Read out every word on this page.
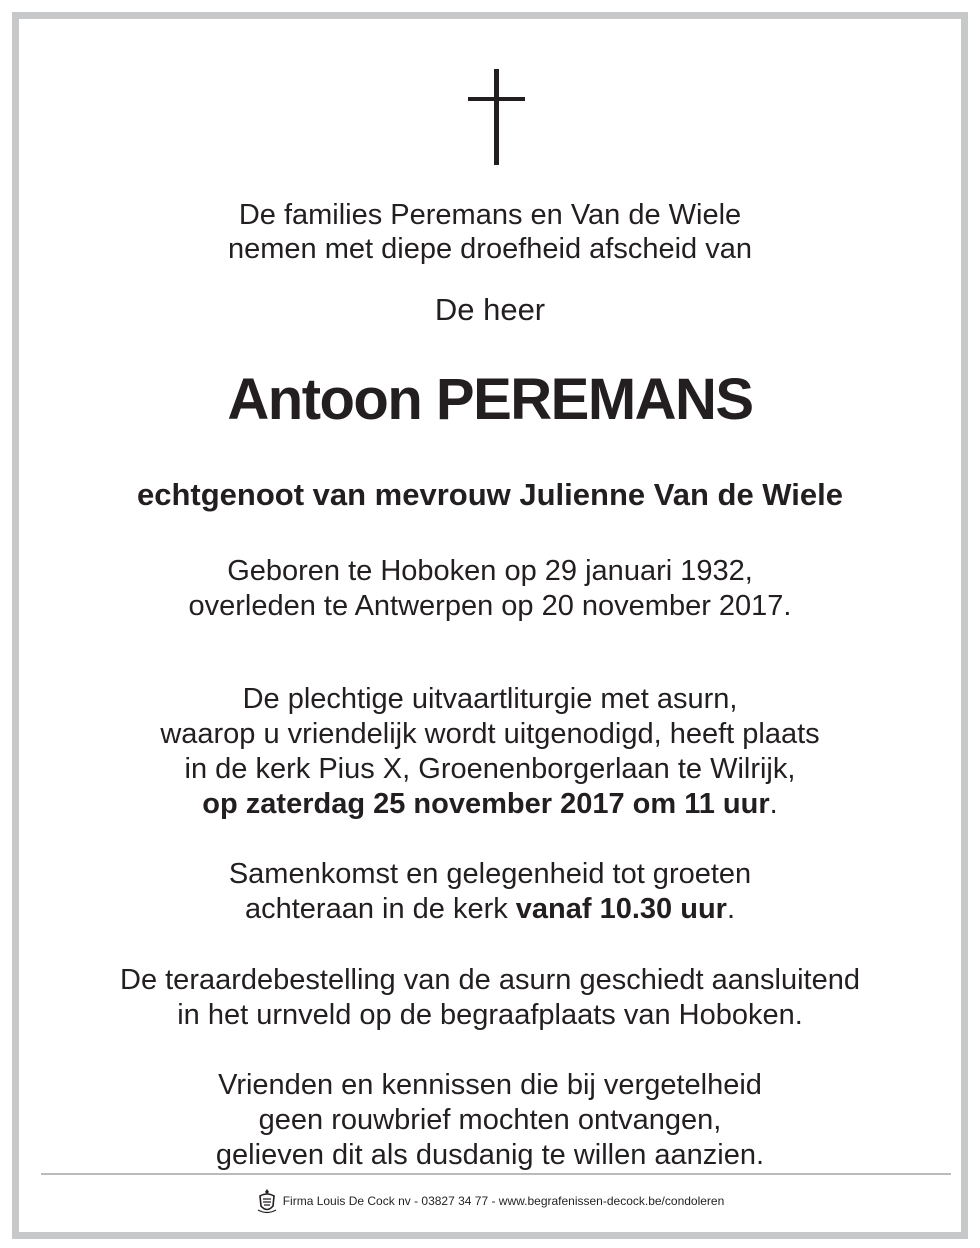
De families Peremans en Van de Wiele
nemen met diepe droefheid afscheid van
De heer
Antoon PEREMANS
echtgenoot van mevrouw Julienne Van de Wiele
Geboren te Hoboken op 29 januari 1932,
overleden te Antwerpen op 20 november 2017.
De plechtige uitvaartliturgie met asurn,
waarop u vriendelijk wordt uitgenodigd, heeft plaats
in de kerk Pius X, Groenenborgerlaan te Wilrijk,
op zaterdag 25 november 2017 om 11 uur.
Samenkomst en gelegenheid tot groeten
achteraan in de kerk vanaf 10.30 uur.
De teraardebestelling van de asurn geschiedt aansluitend
in het urnveld op de begraafplaats van Hoboken.
Vrienden en kennissen die bij vergetelheid
geen rouwbrief mochten ontvangen,
gelieven dit als dusdanig te willen aanzien.
Firma Louis De Cock nv - 03827 34 77 - www.begrafenissen-decock.be/condoleren
